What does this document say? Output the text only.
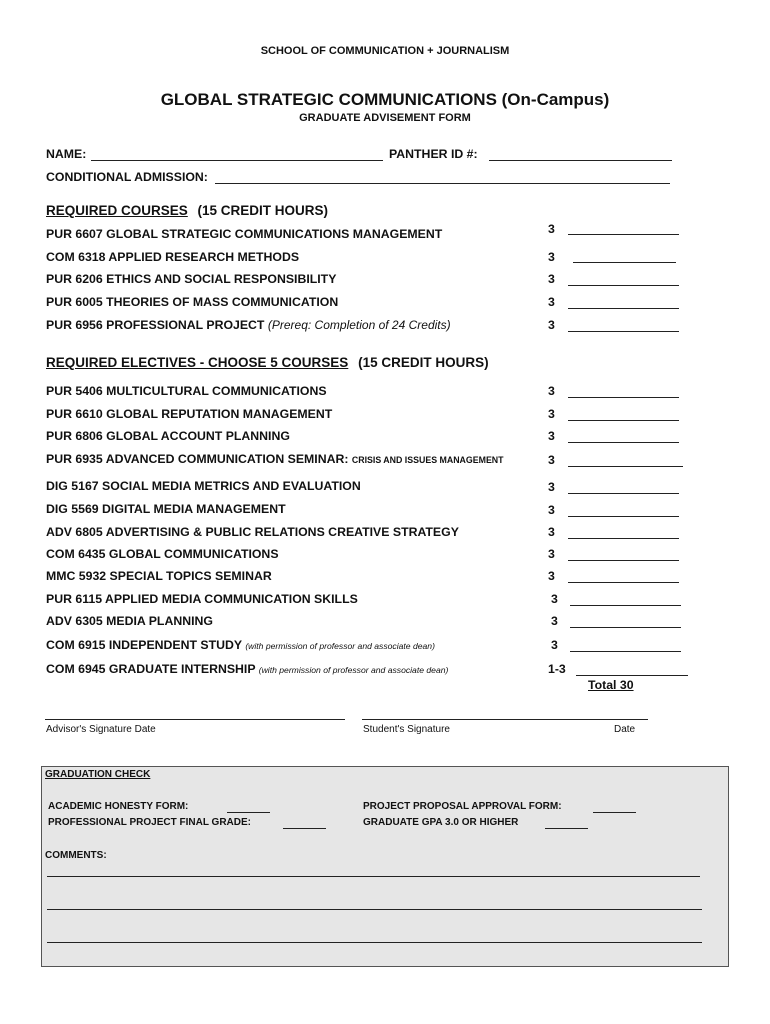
SCHOOL OF COMMUNICATION + JOURNALISM
GLOBAL STRATEGIC COMMUNICATIONS (On-Campus)
GRADUATE ADVISEMENT FORM
NAME:	PANTHER ID #:
CONDITIONAL ADMISSION:
REQUIRED COURSES (15 CREDIT HOURS)
PUR 6607 GLOBAL STRATEGIC COMMUNICATIONS MANAGEMENT	3
COM 6318 APPLIED RESEARCH METHODS	3
PUR 6206 ETHICS AND SOCIAL RESPONSIBILITY	3
PUR 6005 THEORIES OF MASS COMMUNICATION	3
PUR 6956 PROFESSIONAL PROJECT (Prereq: Completion of 24 Credits)	3
REQUIRED ELECTIVES - CHOOSE 5 COURSES (15 CREDIT HOURS)
PUR 5406 MULTICULTURAL COMMUNICATIONS	3
PUR 6610 GLOBAL REPUTATION MANAGEMENT	3
PUR 6806 GLOBAL ACCOUNT PLANNING	3
PUR 6935 ADVANCED COMMUNICATION SEMINAR: CRISIS AND ISSUES MANAGEMENT	3
DIG 5167 SOCIAL MEDIA METRICS AND EVALUATION	3
DIG 5569 DIGITAL MEDIA MANAGEMENT	3
ADV 6805 ADVERTISING & PUBLIC RELATIONS CREATIVE STRATEGY	3
COM 6435 GLOBAL COMMUNICATIONS	3
MMC 5932 SPECIAL TOPICS SEMINAR	3
PUR 6115 APPLIED MEDIA COMMUNICATION SKILLS	3
ADV 6305 MEDIA PLANNING	3
COM 6915 INDEPENDENT STUDY (with permission of professor and associate dean)	3
COM 6945 GRADUATE INTERNSHIP (with permission of professor and associate dean)	1-3
Total 30
Advisor's Signature Date	Student's Signature	Date
GRADUATION CHECK
ACADEMIC HONESTY FORM:
PROFESSIONAL PROJECT FINAL GRADE:
PROJECT PROPOSAL APPROVAL FORM:
GRADUATE GPA 3.0 OR HIGHER
COMMENTS:
